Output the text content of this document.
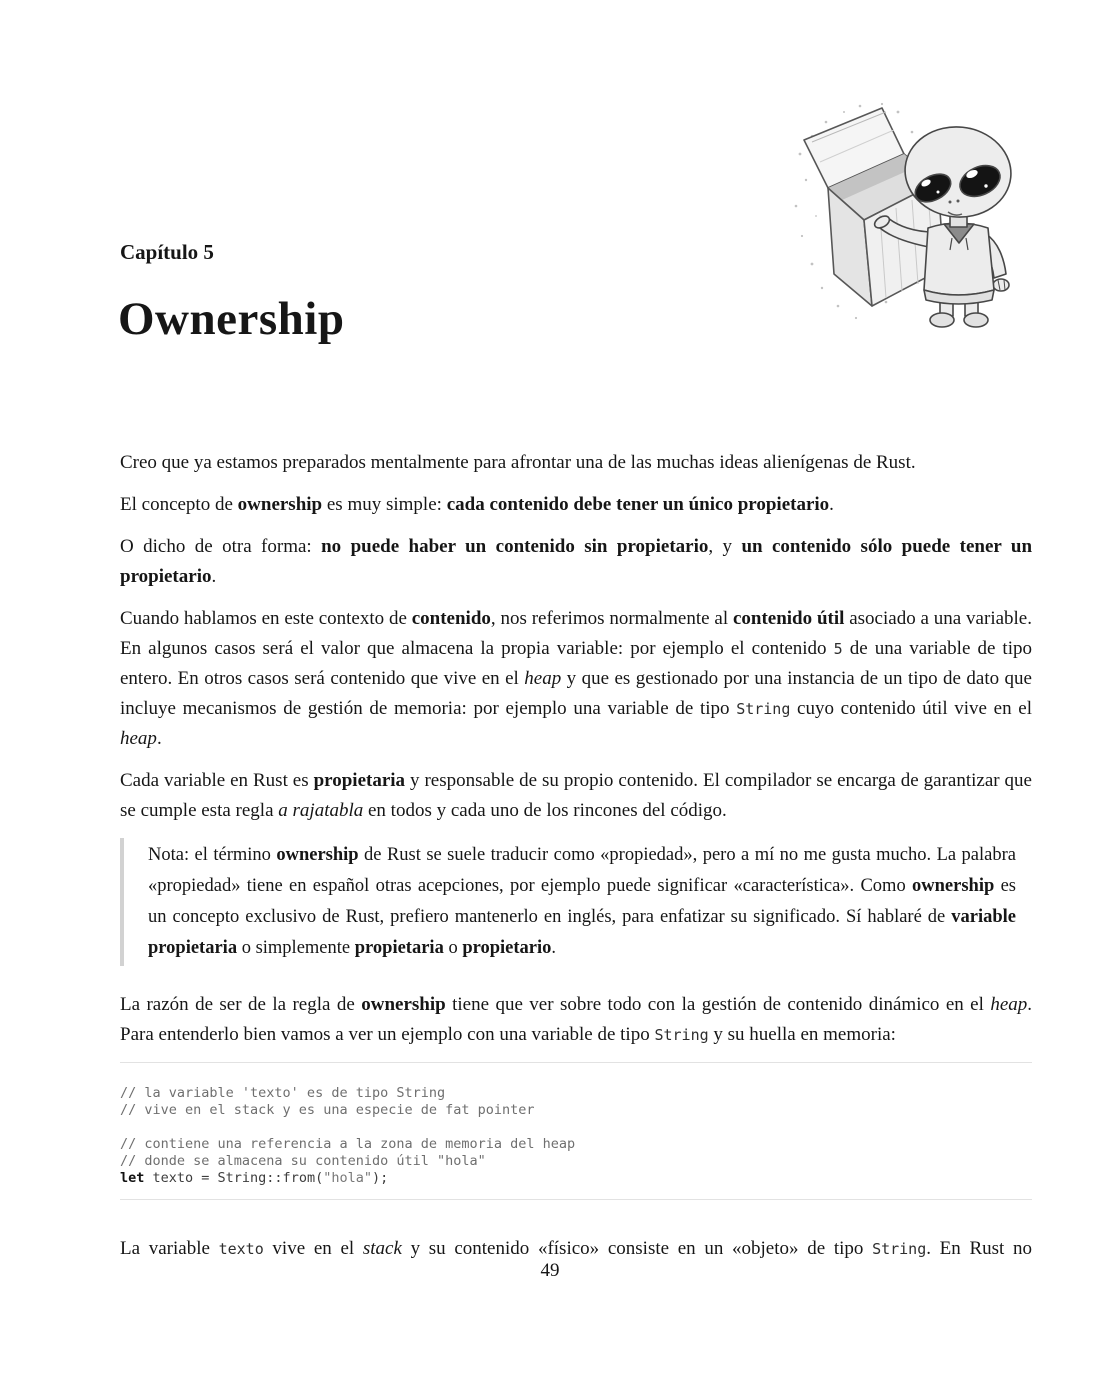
Capítulo 5
Ownership

Creo que ya estamos preparados mentalmente para afrontar una de las muchas ideas alienígenas de Rust.

El concepto de ownership es muy simple: cada contenido debe tener un único propietario.

O dicho de otra forma: no puede haber un contenido sin propietario, y un contenido sólo puede tener un propietario.

Cuando hablamos en este contexto de contenido, nos referimos normalmente al contenido útil asociado a una variable. En algunos casos será el valor que almacena la propia variable: por ejemplo el contenido 5 de una variable de tipo entero. En otros casos será contenido que vive en el heap y que es gestionado por una instancia de un tipo de dato que incluye mecanismos de gestión de memoria: por ejemplo una variable de tipo String cuyo contenido útil vive en el heap.

Cada variable en Rust es propietaria y responsable de su propio contenido. El compilador se encarga de garantizar que se cumple esta regla a rajatabla en todos y cada uno de los rincones del código.

Nota: el término ownership de Rust se suele traducir como «propiedad», pero a mí no me gusta mucho. La palabra «propiedad» tiene en español otras acepciones, por ejemplo puede significar «característica». Como ownership es un concepto exclusivo de Rust, prefiero mantenerlo en inglés, para enfatizar su significado. Sí hablaré de variable propietaria o simplemente propietaria o propietario.

La razón de ser de la regla de ownership tiene que ver sobre todo con la gestión de contenido dinámico en el heap. Para entenderlo bien vamos a ver un ejemplo con una variable de tipo String y su huella en memoria:

// la variable 'texto' es de tipo String
// vive en el stack y es una especie de fat pointer

// contiene una referencia a la zona de memoria del heap
// donde se almacena su contenido útil "hola"
let texto = String::from("hola");

La variable texto vive en el stack y su contenido «físico» consiste en un «objeto» de tipo String. En Rust no

49
